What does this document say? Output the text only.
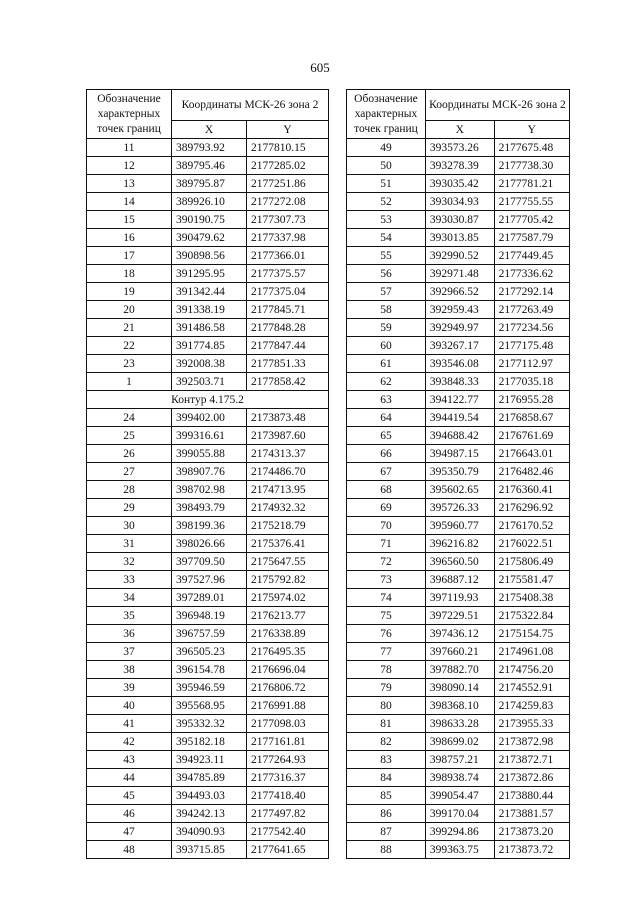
605
Обозначение характерных точек границ	Координаты МСК-26 зона 2	
	X	Y
11	389793.92	2177810.15
12	389795.46	2177285.02
13	389795.87	2177251.86
14	389926.10	2177272.08
15	390190.75	2177307.73
16	390479.62	2177337.98
17	390898.56	2177366.01
18	391295.95	2177375.57
19	391342.44	2177375.04
20	391338.19	2177845.71
21	391486.58	2177848.28
22	391774.85	2177847.44
23	392008.38	2177851.33
1	392503.71	2177858.42
Контур 4.175.2		
24	399402.00	2173873.48
25	399316.61	2173987.60
26	399055.88	2174313.37
27	398907.76	2174486.70
28	398702.98	2174713.95
29	398493.79	2174932.32
30	398199.36	2175218.79
31	398026.66	2175376.41
32	397709.50	2175647.55
33	397527.96	2175792.82
34	397289.01	2175974.02
35	396948.19	2176213.77
36	396757.59	2176338.89
37	396505.23	2176495.35
38	396154.78	2176696.04
39	395946.59	2176806.72
40	395568.95	2176991.88
41	395332.32	2177098.03
42	395182.18	2177161.81
43	394923.11	2177264.93
44	394785.89	2177316.37
45	394493.03	2177418.40
46	394242.13	2177497.82
47	394090.93	2177542.40
48	393715.85	2177641.65
Обозначение характерных точек границ	Координаты МСК-26 зона 2	
	X	Y
49	393573.26	2177675.48
50	393278.39	2177738.30
51	393035.42	2177781.21
52	393034.93	2177755.55
53	393030.87	2177705.42
54	393013.85	2177587.79
55	392990.52	2177449.45
56	392971.48	2177336.62
57	392966.52	2177292.14
58	392959.43	2177263.49
59	392949.97	2177234.56
60	393267.17	2177175.48
61	393546.08	2177112.97
62	393848.33	2177035.18
63	394122.77	2176955.28
64	394419.54	2176858.67
65	394688.42	2176761.69
66	394987.15	2176643.01
67	395350.79	2176482.46
68	395602.65	2176360.41
69	395726.33	2176296.92
70	395960.77	2176170.52
71	396216.82	2176022.51
72	396560.50	2175806.49
73	396887.12	2175581.47
74	397119.93	2175408.38
75	397229.51	2175322.84
76	397436.12	2175154.75
77	397660.21	2174961.08
78	397882.70	2174756.20
79	398090.14	2174552.91
80	398368.10	2174259.83
81	398633.28	2173955.33
82	398699.02	2173872.98
83	398757.21	2173872.71
84	398938.74	2173872.86
85	399054.47	2173880.44
86	399170.04	2173881.57
87	399294.86	2173873.20
88	399363.75	2173873.72
